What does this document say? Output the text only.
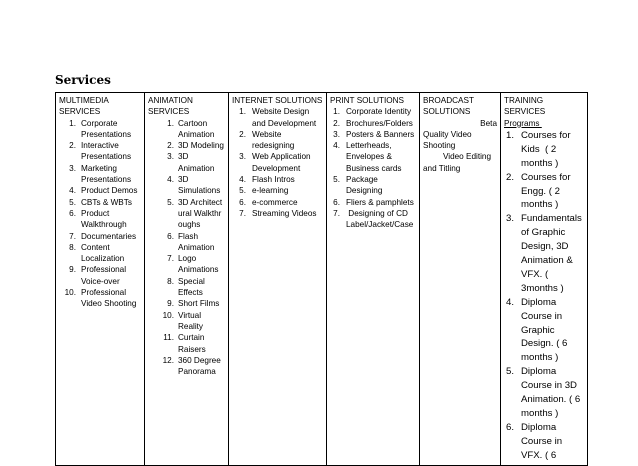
Services
MULTIMEDIA SERVICES
1. Corporate Presentations
2. Interactive Presentations
3. Marketing Presentations
4. Product Demos
5. CBTs & WBTs
6. Product Walkthrough
7. Documentaries
8. Content Localization
9. Professional Voice-over
10. Professional Video Shooting

ANIMATION
SERVICES
1. Cartoon Animation
2. 3D Modeling
3. 3D Animation
4. 3D Simulations
5. 3D Architectural Walkthroughs
6. Flash Animation
7. Logo Animations
8. Special Effects
9. Short Films
10. Virtual Reality
11. Curtain Raisers
12. 360 Degree Panorama

INTERNET SOLUTIONS
1. Website Design and Development
2. Website redesigning
3. Web Application Development
4. Flash Intros
5. e-learning
6. e-commerce
7. Streaming Videos

PRINT SOLUTIONS
1. Corporate Identity
2. Brochures/Folders
3. Posters & Banners
4. Letterheads, Envelopes & Business cards
5. Package Designing
6. Fliers & pamphlets
7. Designing of CD Label/Jacket/Case

BROADCAST
SOLUTIONS
Beta
Quality Video
Shooting
Video Editing
and Titling

TRAINING
SERVICES
Programs
1. Courses for Kids  ( 2 months )
2. Courses for Engg. ( 2 months )
3. Fundamentals of Graphic Design, 3D Animation & VFX. ( 3months )
4. Diploma Course in Graphic Design. ( 6 months )
5. Diploma Course in 3D Animation. ( 6 months )
6. Diploma Course in VFX. ( 6
